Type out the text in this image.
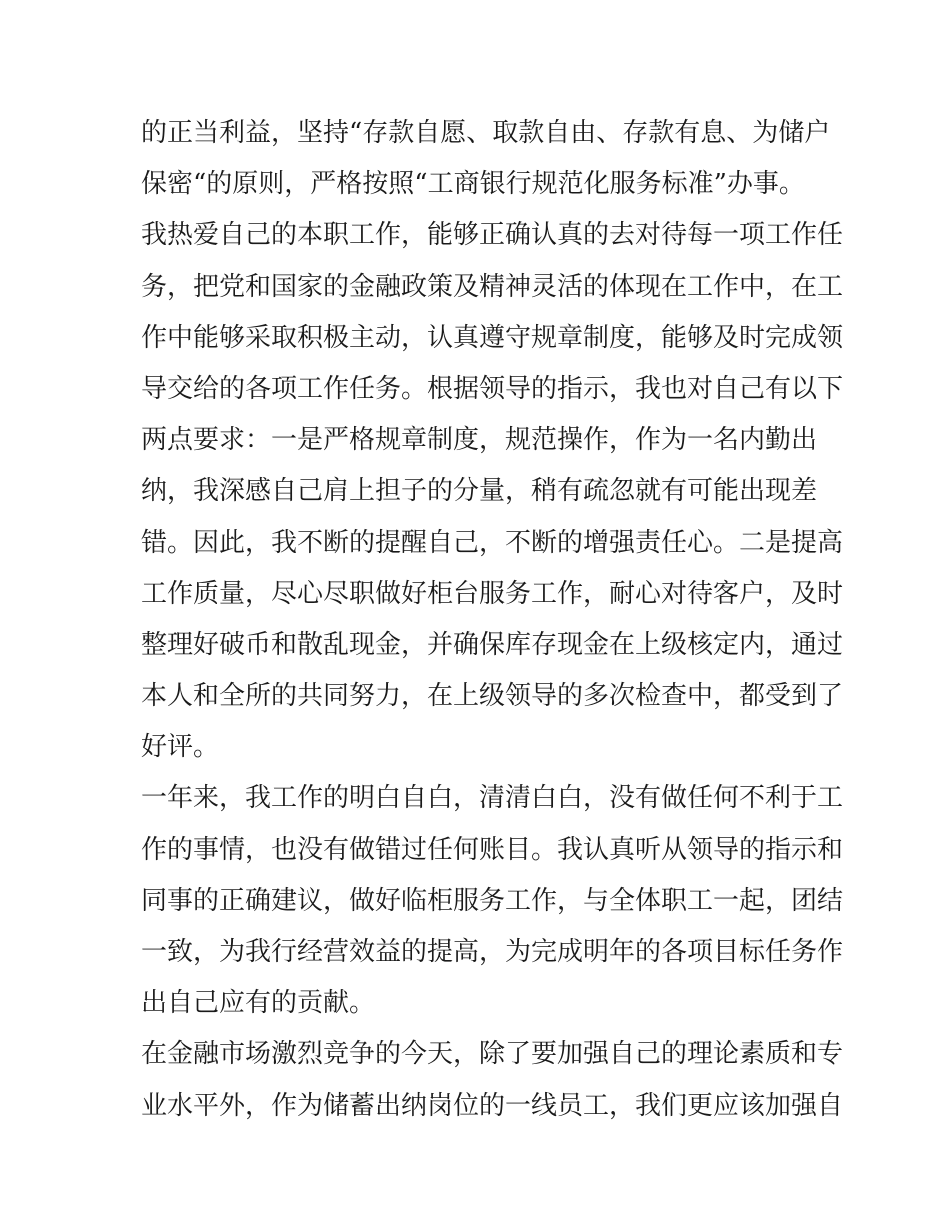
的正当利益，坚持“存款自愿、取款自由、存款有息、为储户
保密“的原则，严格按照“工商银行规范化服务标准”办事。
我热爱自己的本职工作，能够正确认真的去对待每一项工作任
务，把党和国家的金融政策及精神灵活的体现在工作中，在工
作中能够采取积极主动，认真遵守规章制度，能够及时完成领
导交给的各项工作任务。根据领导的指示，我也对自己有以下
两点要求：一是严格规章制度，规范操作，作为一名内勤出
纳，我深感自己肩上担子的分量，稍有疏忽就有可能出现差
错。因此，我不断的提醒自己，不断的增强责任心。二是提高
工作质量，尽心尽职做好柜台服务工作，耐心对待客户，及时
整理好破币和散乱现金，并确保库存现金在上级核定内，通过
本人和全所的共同努力，在上级领导的多次检查中，都受到了
好评。
一年来，我工作的明白自白，清清白白，没有做任何不利于工
作的事情，也没有做错过任何账目。我认真听从领导的指示和
同事的正确建议，做好临柜服务工作，与全体职工一起，团结
一致，为我行经营效益的提高，为完成明年的各项目标任务作
出自己应有的贡献。
在金融市场激烈竞争的今天，除了要加强自己的理论素质和专
业水平外，作为储蓄出纳岗位的一线员工，我们更应该加强自
